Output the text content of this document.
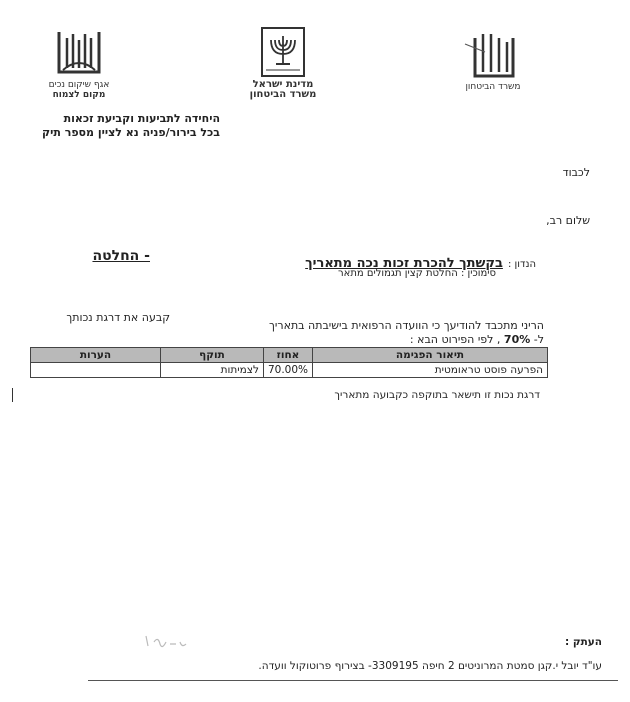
אגף שיקום נכים
מקום לצמוח
מדינת ישראל
משרד הביטחון
משרד הביטחון
היחידה לתביעות וקביעת זכאות
בכל בירור/פניה נא לציין מספר תיק
לכבוד
שלום רב,
הנדון : בקשתך להכרת זכות נכה מתאריך
סימוכין : החלטת קצין תגמולים מתאר
- החלטה
הריני מתכבד להודיעך כי הוועדה הרפואית בישיבתה בתאריך
קבעה את דרגת נכותך
ל- 70% , לפי הפירוט הבא :
תיאור הפגימה	אחוז	תוקף	הערות
הפרעה פוסט טראומטית	70.00%	לצמיתות	
דרגת נכות זו תישאר בתוקפה כקבועה מתאריך
העתק :
עו"ד יובל י.קגן סמטת המרוניטים 2 חיפה 3309195- בצירוף פרוטוקול וועדה.
